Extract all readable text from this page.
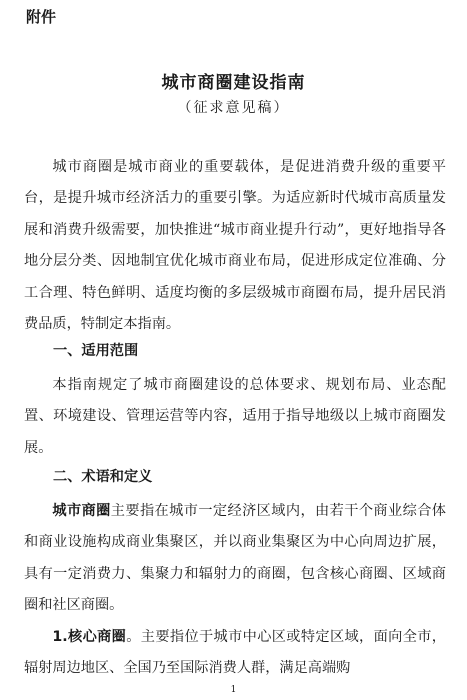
附件
城市商圈建设指南
（征求意见稿）

城市商圈是城市商业的重要载体，是促进消费升级的重要平台，是提升城市经济活力的重要引擎。为适应新时代城市高质量发展和消费升级需要，加快推进“城市商业提升行动”，更好地指导各地分层分类、因地制宜优化城市商业布局，促进形成定位准确、分工合理、特色鲜明、适度均衡的多层级城市商圈布局，提升居民消费品质，特制定本指南。

一、适用范围

本指南规定了城市商圈建设的总体要求、规划布局、业态配置、环境建设、管理运营等内容，适用于指导地级以上城市商圈发展。

二、术语和定义

城市商圈主要指在城市一定经济区域内，由若干个商业综合体和商业设施构成商业集聚区，并以商业集聚区为中心向周边扩展，具有一定消费力、集聚力和辐射力的商圈，包含核心商圈、区域商圈和社区商圈。

1.核心商圈。主要指位于城市中心区或特定区域，面向全市，辐射周边地区、全国乃至国际消费人群，满足高端购

1
